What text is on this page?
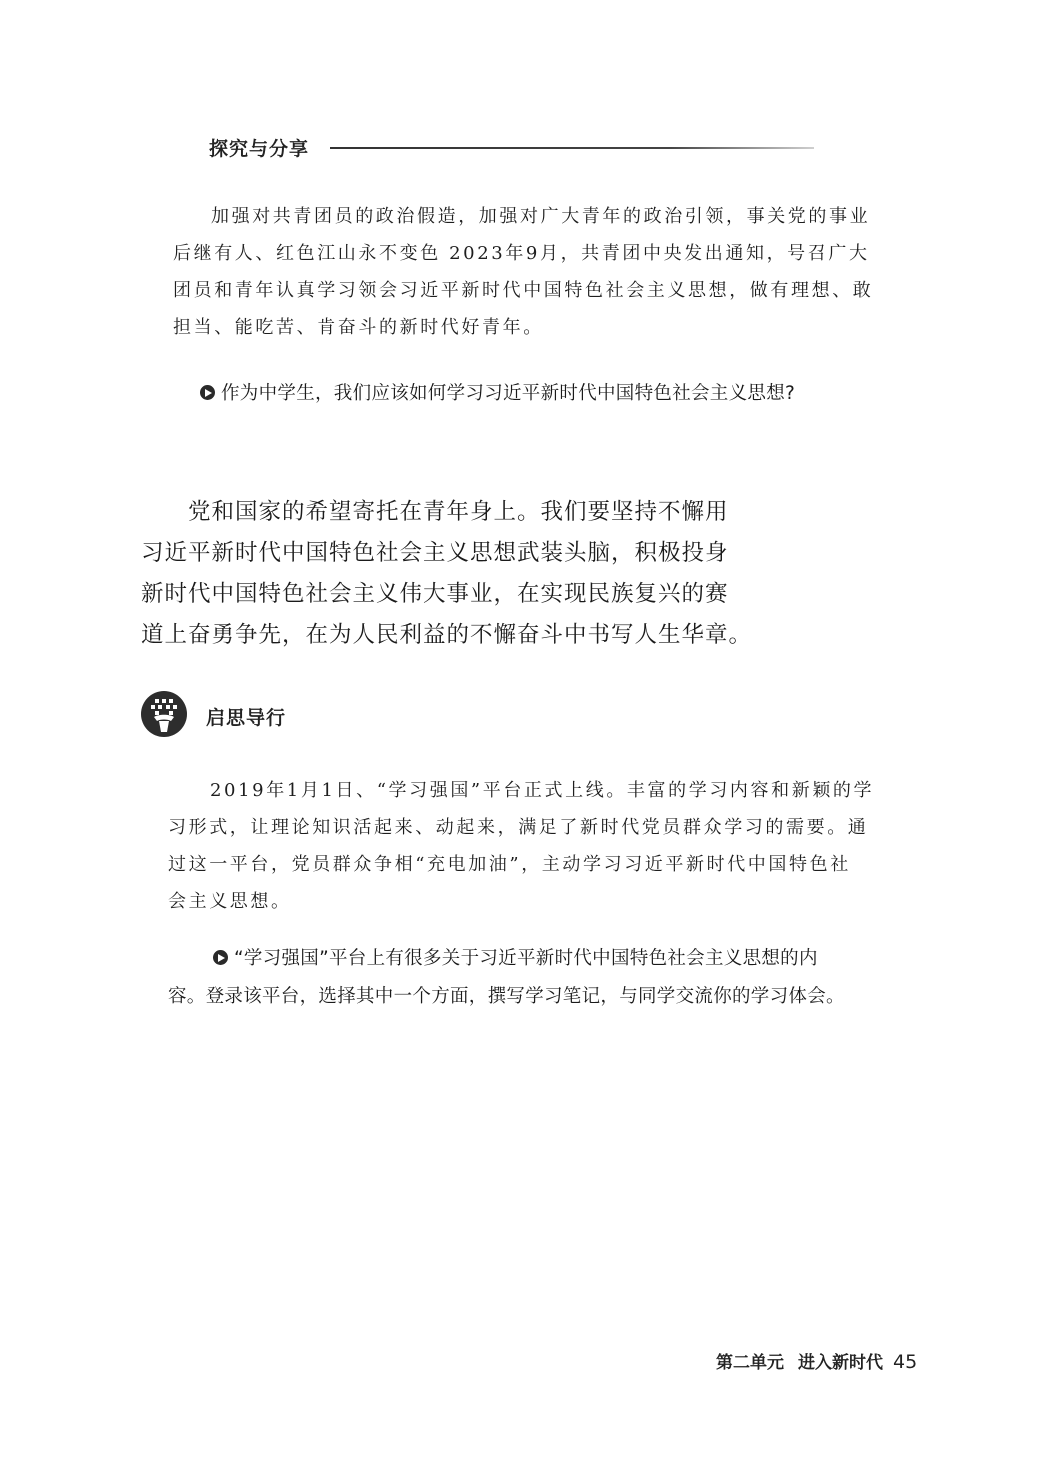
探究与分享

加强对共青团员的政治假造，加强对广大青年的政治引领，事关党的事业

后继有人、红色江山永不变色 2023年9月，共青团中央发出通知，号召广大

团员和青年认真学习领会习近平新时代中国特色社会主义思想，做有理想、敢

担当、能吃苦、肯奋斗的新时代好青年。

作为中学生，我们应该如何学习习近平新时代中国特色社会主义思想?
党和国家的希望寄托在青年身上。我们要坚持不懈用
习近平新时代中国特色社会主义思想武装头脑，积极投身
新时代中国特色社会主义伟大事业，在实现民族复兴的赛
道上奋勇争先，在为人民利益的不懈奋斗中书写人生华章。
启思导行

2019年1月1日、“学习强国”平台正式上线。丰富的学习内容和新颖的学

习形式，让理论知识活起来、动起来，满足了新时代党员群众学习的需要。通

过这一平台，党员群众争相“充电加油”，主动学习习近平新时代中国特色社

会主义思想。

“学习强国”平台上有很多关于习近平新时代中国特色社会主义思想的内
容。登录该平台，选择其中一个方面，撰写学习笔记，与同学交流你的学习体会。
第二单元 进入新时代 45
